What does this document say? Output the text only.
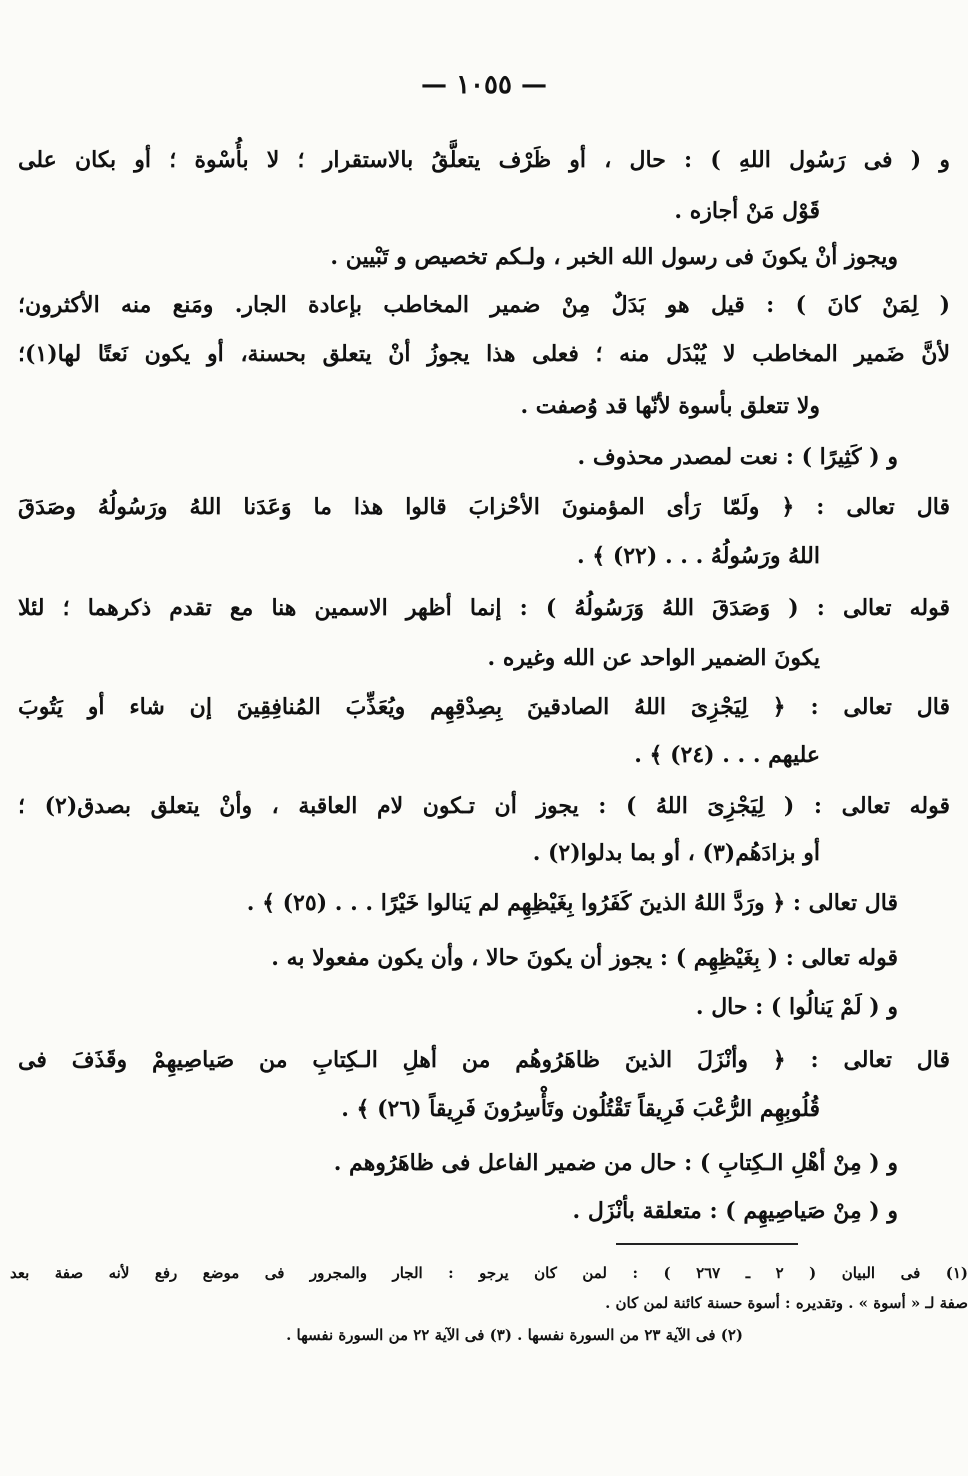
— ١٠٥٥ —
و ( فى رَسُول اللهِ ) : حال ، أو ظَرْف يتعلَّقُ بالاستقرار ؛ لا بأُسْوة ؛ أو بكان على
قَوْل مَنْ أجازه .
ويجوز أنْ يكونَ فى رسول الله الخبر ، ولـكم تخصيص و تَبْيين .
( لِمَنْ كانَ ) : قيل هو بَدَلٌ مِنْ ضمير المخاطب بإعادة الجار. ومَنع منه الأكثرون؛
لأنَّ ضَمير المخاطب لا يُبْدَل منه ؛ فعلى هذا يجوزُ أنْ يتعلق بحسنة، أو يكون نَعتًا لها(١)؛
ولا تتعلق بأسوة لأنّها قد وُصفت .
و ( كَثِيرًا ) : نعت لمصدر محذوف .
قال تعالى : ﴿ ولَمّا رَأى المؤمنونَ الأحْزابَ قالوا هذا ما وَعَدَنا اللهُ ورَسُولُهُ وصَدَقَ
اللهُ ورَسُولُهُ . . . (٢٢) ﴾ .
قوله تعالى : ( وَصَدَقَ اللهُ وَرَسُولُهُ ) : إنما أظهر الاسمين هنا مع تقدم ذكرهما ؛ لئلا
يكونَ الضمير الواحد عن الله وغيره .
قال تعالى : ﴿ لِيَجْزِىَ اللهُ الصادقينَ بِصِدْقِهِم ويُعَذِّبَ المُنافِقِينَ إن شاء أو يَتُوبَ
عليهم . . . (٢٤) ﴾ .
قوله تعالى : ( لِيَجْزِىَ اللهُ ) : يجوز أن تـكون لام العاقبة ، وأنْ يتعلق بصدق(٢) ؛
أو بزادَهُم(٣) ، أو بما بدلوا(٢) .
قال تعالى : ﴿ ورَدَّ اللهُ الذينَ كَفَرُوا بِغَيْظِهِم لم يَنالوا خَيْرًا . . . (٢٥) ﴾ .
قوله تعالى : ( بِغَيْظِهِم ) : يجوز أن يكونَ حالا ، وأن يكون مفعولا به .
و ( لَمْ يَنالُوا ) : حال .
قال تعالى : ﴿ وأنْزَلَ الذينَ ظاهَرُوهُم من أهلِ الـكِتابِ من صَياصِيهِمْ وقَذَفَ فى
قُلُوبِهِم الرُّعْبَ فَرِيقاً تَقْتُلُون وتَأْسِرُونَ فَرِيقاً (٢٦) ﴾ .
و ( مِنْ أهْلِ الـكِتابِ ) : حال من ضمير الفاعل فى ظاهَرُوهم .
و ( مِنْ صَياصِيهِم ) : متعلقة بأنْزَل .
(١) فى البيان ( ٢ ـ ٢٦٧ ) : لمن كان يرجو : الجار والمجرور فى موضع رفع لأنه صفة بعد
صفة لـ « أسوة » . وتقديره : أسوة حسنة كائنة لمن كان .
(٢) فى الآية ٢٣ من السورة نفسها . (٣) فى الآية ٢٢ من السورة نفسها .
